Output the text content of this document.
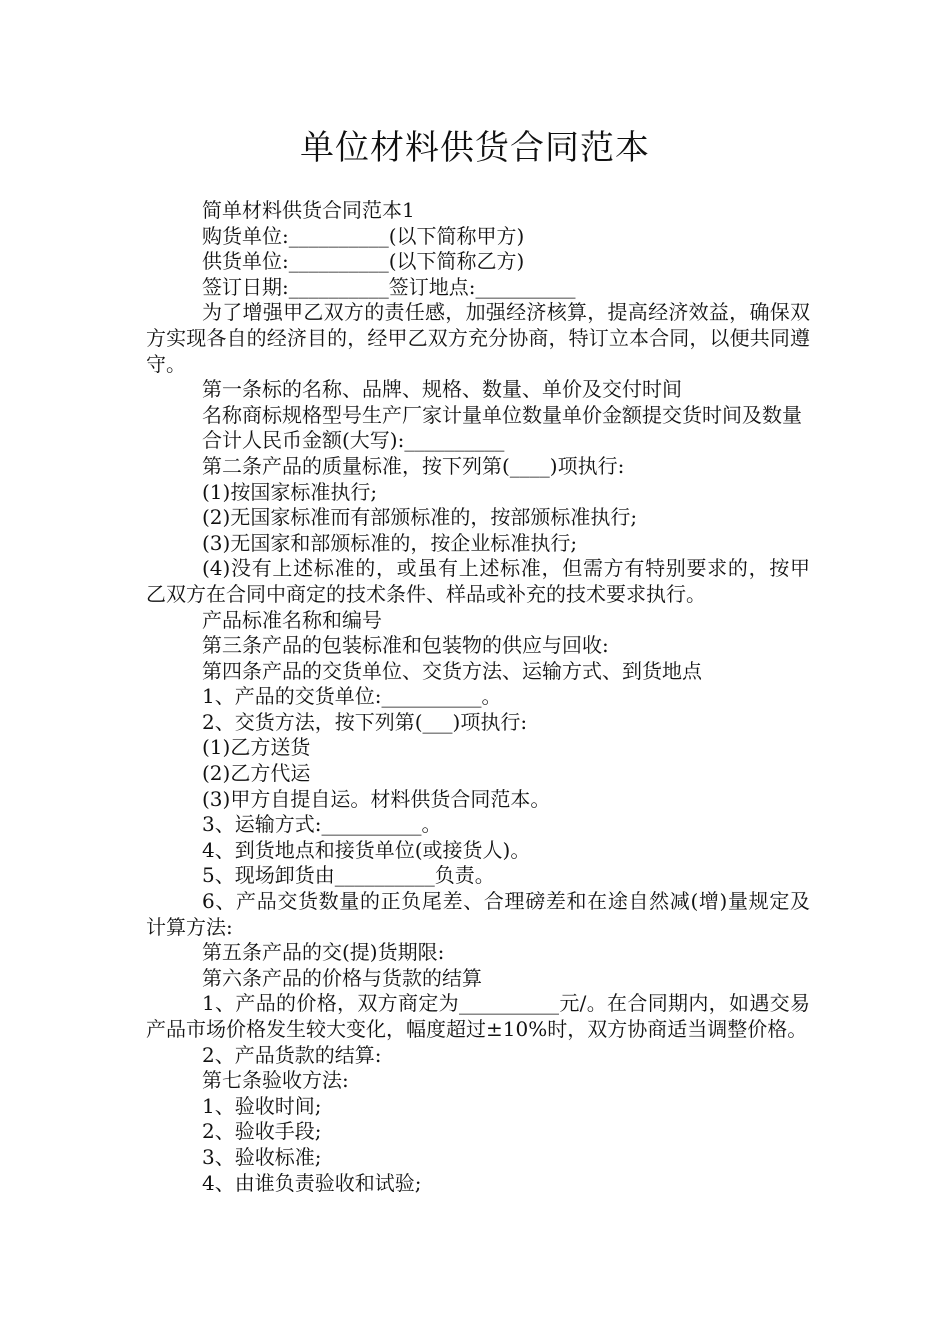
单位材料供货合同范本

简单材料供货合同范本1

购货单位:__________(以下简称甲方)

供货单位:__________(以下简称乙方)

签订日期:__________签订地点:__________

为了增强甲乙双方的责任感，加强经济核算，提高经济效益，确保双方实现各自的经济目的，经甲乙双方充分协商，特订立本合同，以便共同遵守。

第一条标的名称、品牌、规格、数量、单价及交付时间

名称商标规格型号生产厂家计量单位数量单价金额提交货时间及数量

合计人民币金额(大写):__________

第二条产品的质量标准，按下列第(____)项执行:

(1)按国家标准执行;

(2)无国家标准而有部颁标准的，按部颁标准执行;

(3)无国家和部颁标准的，按企业标准执行;

(4)没有上述标准的，或虽有上述标准，但需方有特别要求的，按甲乙双方在合同中商定的技术条件、样品或补充的技术要求执行。

产品标准名称和编号

第三条产品的包装标准和包装物的供应与回收:

第四条产品的交货单位、交货方法、运输方式、到货地点

1、产品的交货单位:__________。

2、交货方法，按下列第(___)项执行:

(1)乙方送货

(2)乙方代运

(3)甲方自提自运。材料供货合同范本。

3、运输方式:__________。

4、到货地点和接货单位(或接货人)。

5、现场卸货由__________负责。

6、产品交货数量的正负尾差、合理磅差和在途自然减(增)量规定及计算方法:

第五条产品的交(提)货期限:

第六条产品的价格与货款的结算

1、产品的价格，双方商定为__________元/。在合同期内，如遇交易产品市场价格发生较大变化，幅度超过±10%时，双方协商适当调整价格。

2、产品货款的结算:

第七条验收方法:

1、验收时间;

2、验收手段;

3、验收标准;

4、由谁负责验收和试验;
